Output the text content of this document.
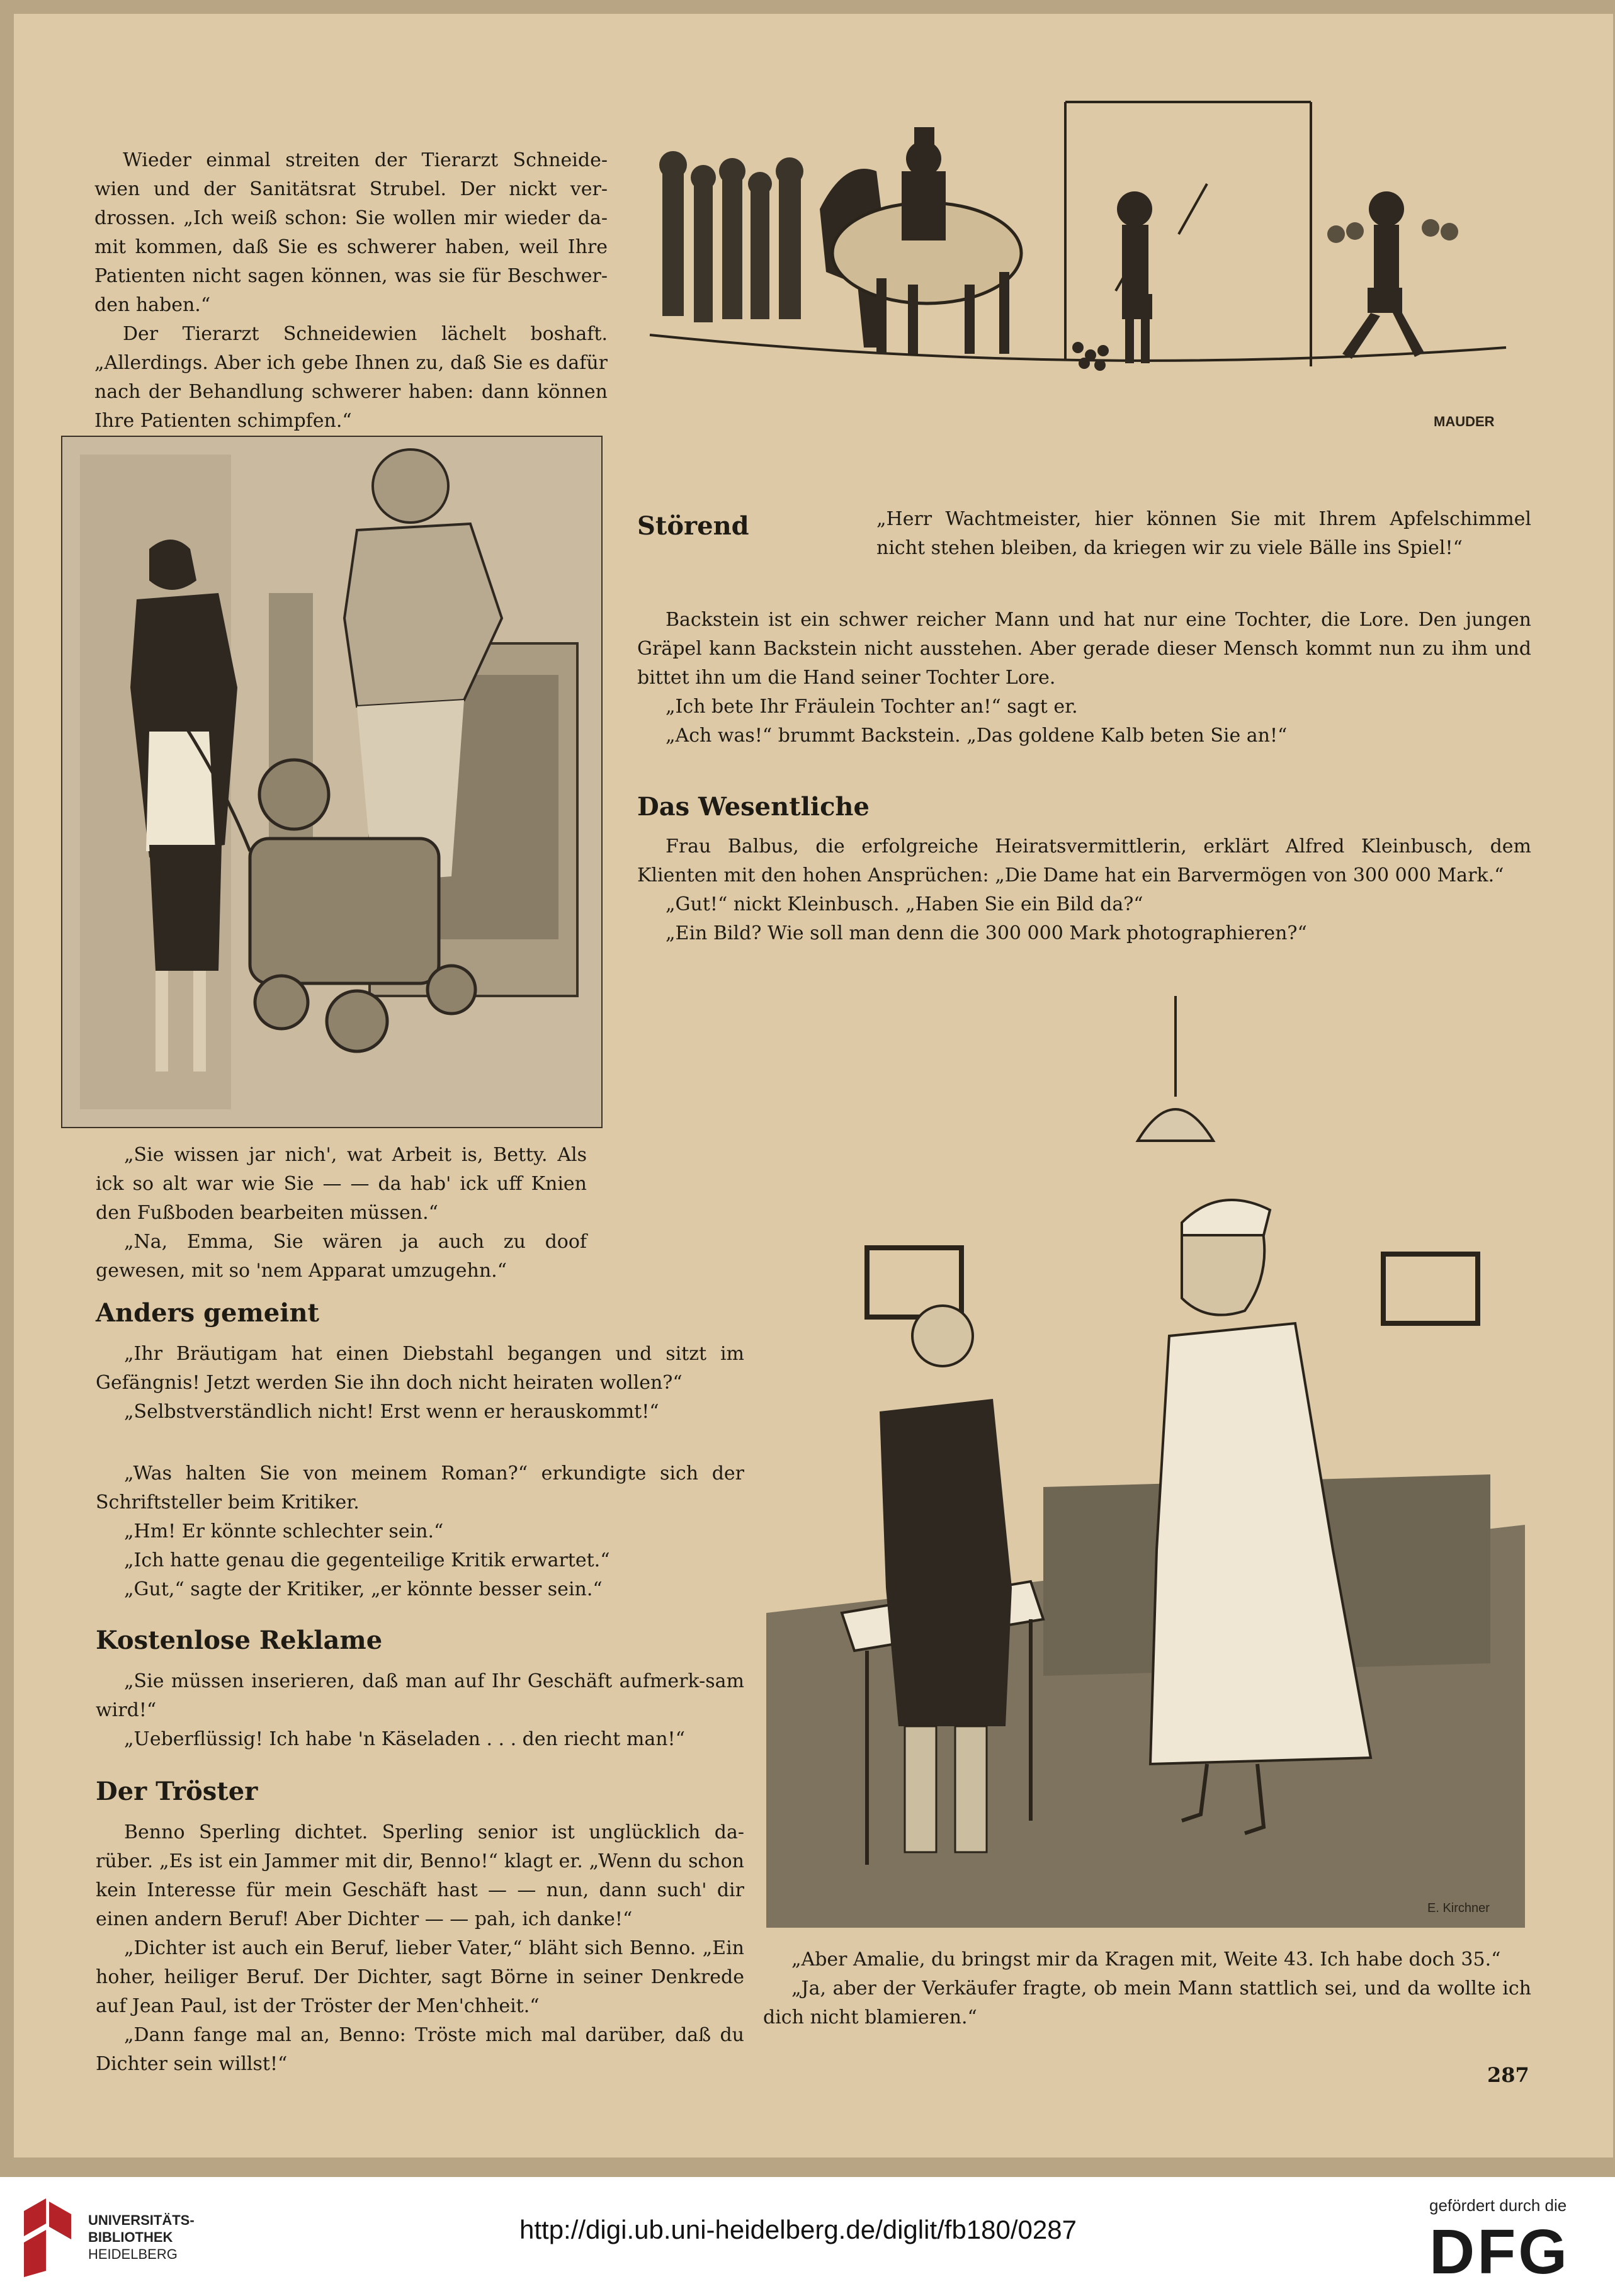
Wieder einmal streiten der Tierarzt Schneide-wien und der Sanitätsrat Strubel. Der nickt ver-drossen. „Ich weiß schon: Sie wollen mir wieder da-mit kommen, daß Sie es schwerer haben, weil Ihre Patienten nicht sagen können, was sie für Beschwer-den haben.“

Der Tierarzt Schneidewien lächelt boshaft. „Allerdings. Aber ich gebe Ihnen zu, daß Sie es dafür nach der Behandlung schwerer haben: dann können Ihre Patienten schimpfen.“	MAUDER

„Sie wissen jar nich', wat Arbeit is, Betty. Als ick so alt war wie Sie — — da hab' ick uff Knien den Fußboden bearbeiten müssen.“

„Na, Emma, Sie wären ja auch zu doof gewesen, mit so 'nem Apparat umzugehn.“

Anders gemeint

„Ihr Bräutigam hat einen Diebstahl begangen und sitzt im Gefängnis! Jetzt werden Sie ihn doch nicht heiraten wollen?“

„Selbstverständlich nicht! Erst wenn er herauskommt!“

„Was halten Sie von meinem Roman?“ erkundigte sich der Schriftsteller beim Kritiker.

„Hm! Er könnte schlechter sein.“

„Ich hatte genau die gegenteilige Kritik erwartet.“

„Gut,“ sagte der Kritiker, „er könnte besser sein.“

Kostenlose Reklame

„Sie müssen inserieren, daß man auf Ihr Geschäft aufmerk-sam wird!“

„Ueberflüssig! Ich habe 'n Käseladen . . . den riecht man!“

Der Tröster

Benno Sperling dichtet. Sperling senior ist unglücklich da-rüber. „Es ist ein Jammer mit dir, Benno!“ klagt er. „Wenn du schon kein Interesse für mein Geschäft hast — — nun, dann such' dir einen andern Beruf! Aber Dichter — — pah, ich danke!“

„Dichter ist auch ein Beruf, lieber Vater,“ bläht sich Benno. „Ein hoher, heiliger Beruf. Der Dichter, sagt Börne in seiner Denkrede auf Jean Paul, ist der Tröster der Men'chheit.“

„Dann fange mal an, Benno: Tröste mich mal darüber, daß du Dichter sein willst!“

Störend	„Herr Wachtmeister, hier können Sie mit Ihrem Apfelschimmel nicht stehen bleiben, da kriegen wir zu viele Bälle ins Spiel!“

Backstein ist ein schwer reicher Mann und hat nur eine Tochter, die Lore. Den jungen Gräpel kann Backstein nicht ausstehen. Aber gerade dieser Mensch kommt nun zu ihm und bittet ihn um die Hand seiner Tochter Lore.

„Ich bete Ihr Fräulein Tochter an!“ sagt er.

„Ach was!“ brummt Backstein. „Das goldene Kalb beten Sie an!“

Das Wesentliche

Frau Balbus, die erfolgreiche Heiratsvermittlerin, erklärt Alfred Kleinbusch, dem Klienten mit den hohen Ansprüchen: „Die Dame hat ein Barvermögen von 300 000 Mark.“

„Gut!“ nickt Kleinbusch. „Haben Sie ein Bild da?“

„Ein Bild? Wie soll man denn die 300 000 Mark photographieren?“

E. Kirchner

„Aber Amalie, du bringst mir da Kragen mit, Weite 43. Ich habe doch 35.“

„Ja, aber der Verkäufer fragte, ob mein Mann stattlich sei, und da wollte ich dich nicht blamieren.“

287
UNIVERSITÄTS-
BIBLIOTHEK
HEIDELBERG
http://digi.ub.uni-heidelberg.de/diglit/fb180/0287
gefördert durch die
DFG
